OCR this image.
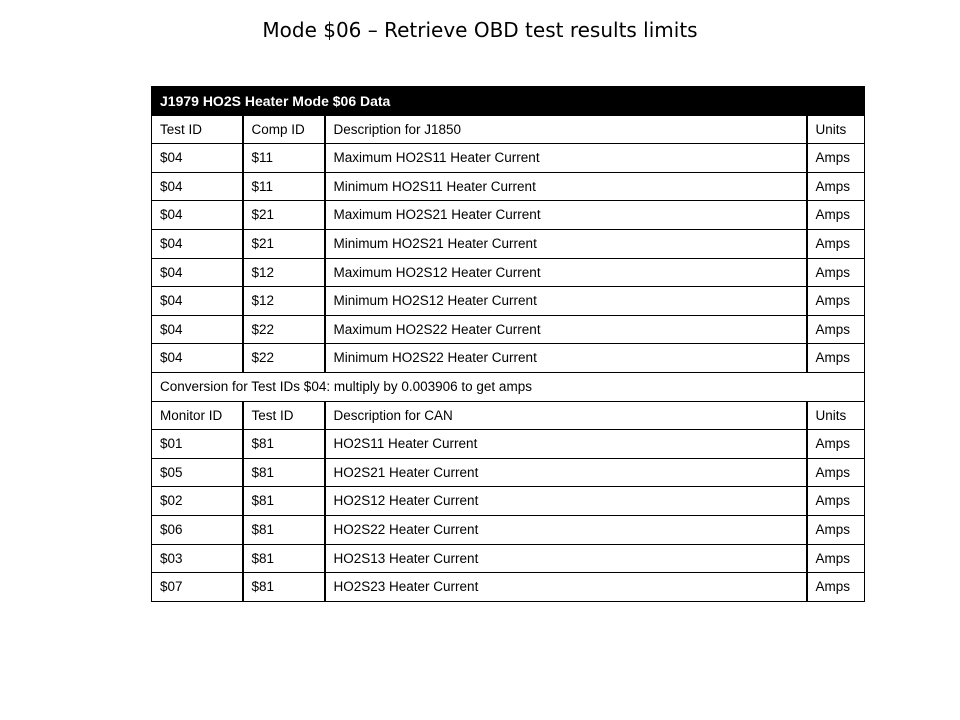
Mode $06 – Retrieve OBD test results limits
J1979 HO2S Heater Mode $06 Data			
Test ID	Comp ID	Description for J1850	Units
$04	$11	Maximum HO2S11 Heater Current	Amps
$04	$11	Minimum HO2S11 Heater Current	Amps
$04	$21	Maximum HO2S21 Heater Current	Amps
$04	$21	Minimum HO2S21 Heater Current	Amps
$04	$12	Maximum HO2S12 Heater Current	Amps
$04	$12	Minimum HO2S12 Heater Current	Amps
$04	$22	Maximum HO2S22 Heater Current	Amps
$04	$22	Minimum HO2S22 Heater Current	Amps
Conversion for Test IDs $04: multiply by 0.003906 to get amps			
Monitor ID	Test ID	Description for CAN	Units
$01	$81	HO2S11 Heater Current	Amps
$05	$81	HO2S21 Heater Current	Amps
$02	$81	HO2S12 Heater Current	Amps
$06	$81	HO2S22 Heater Current	Amps
$03	$81	HO2S13 Heater Current	Amps
$07	$81	HO2S23 Heater Current	Amps
